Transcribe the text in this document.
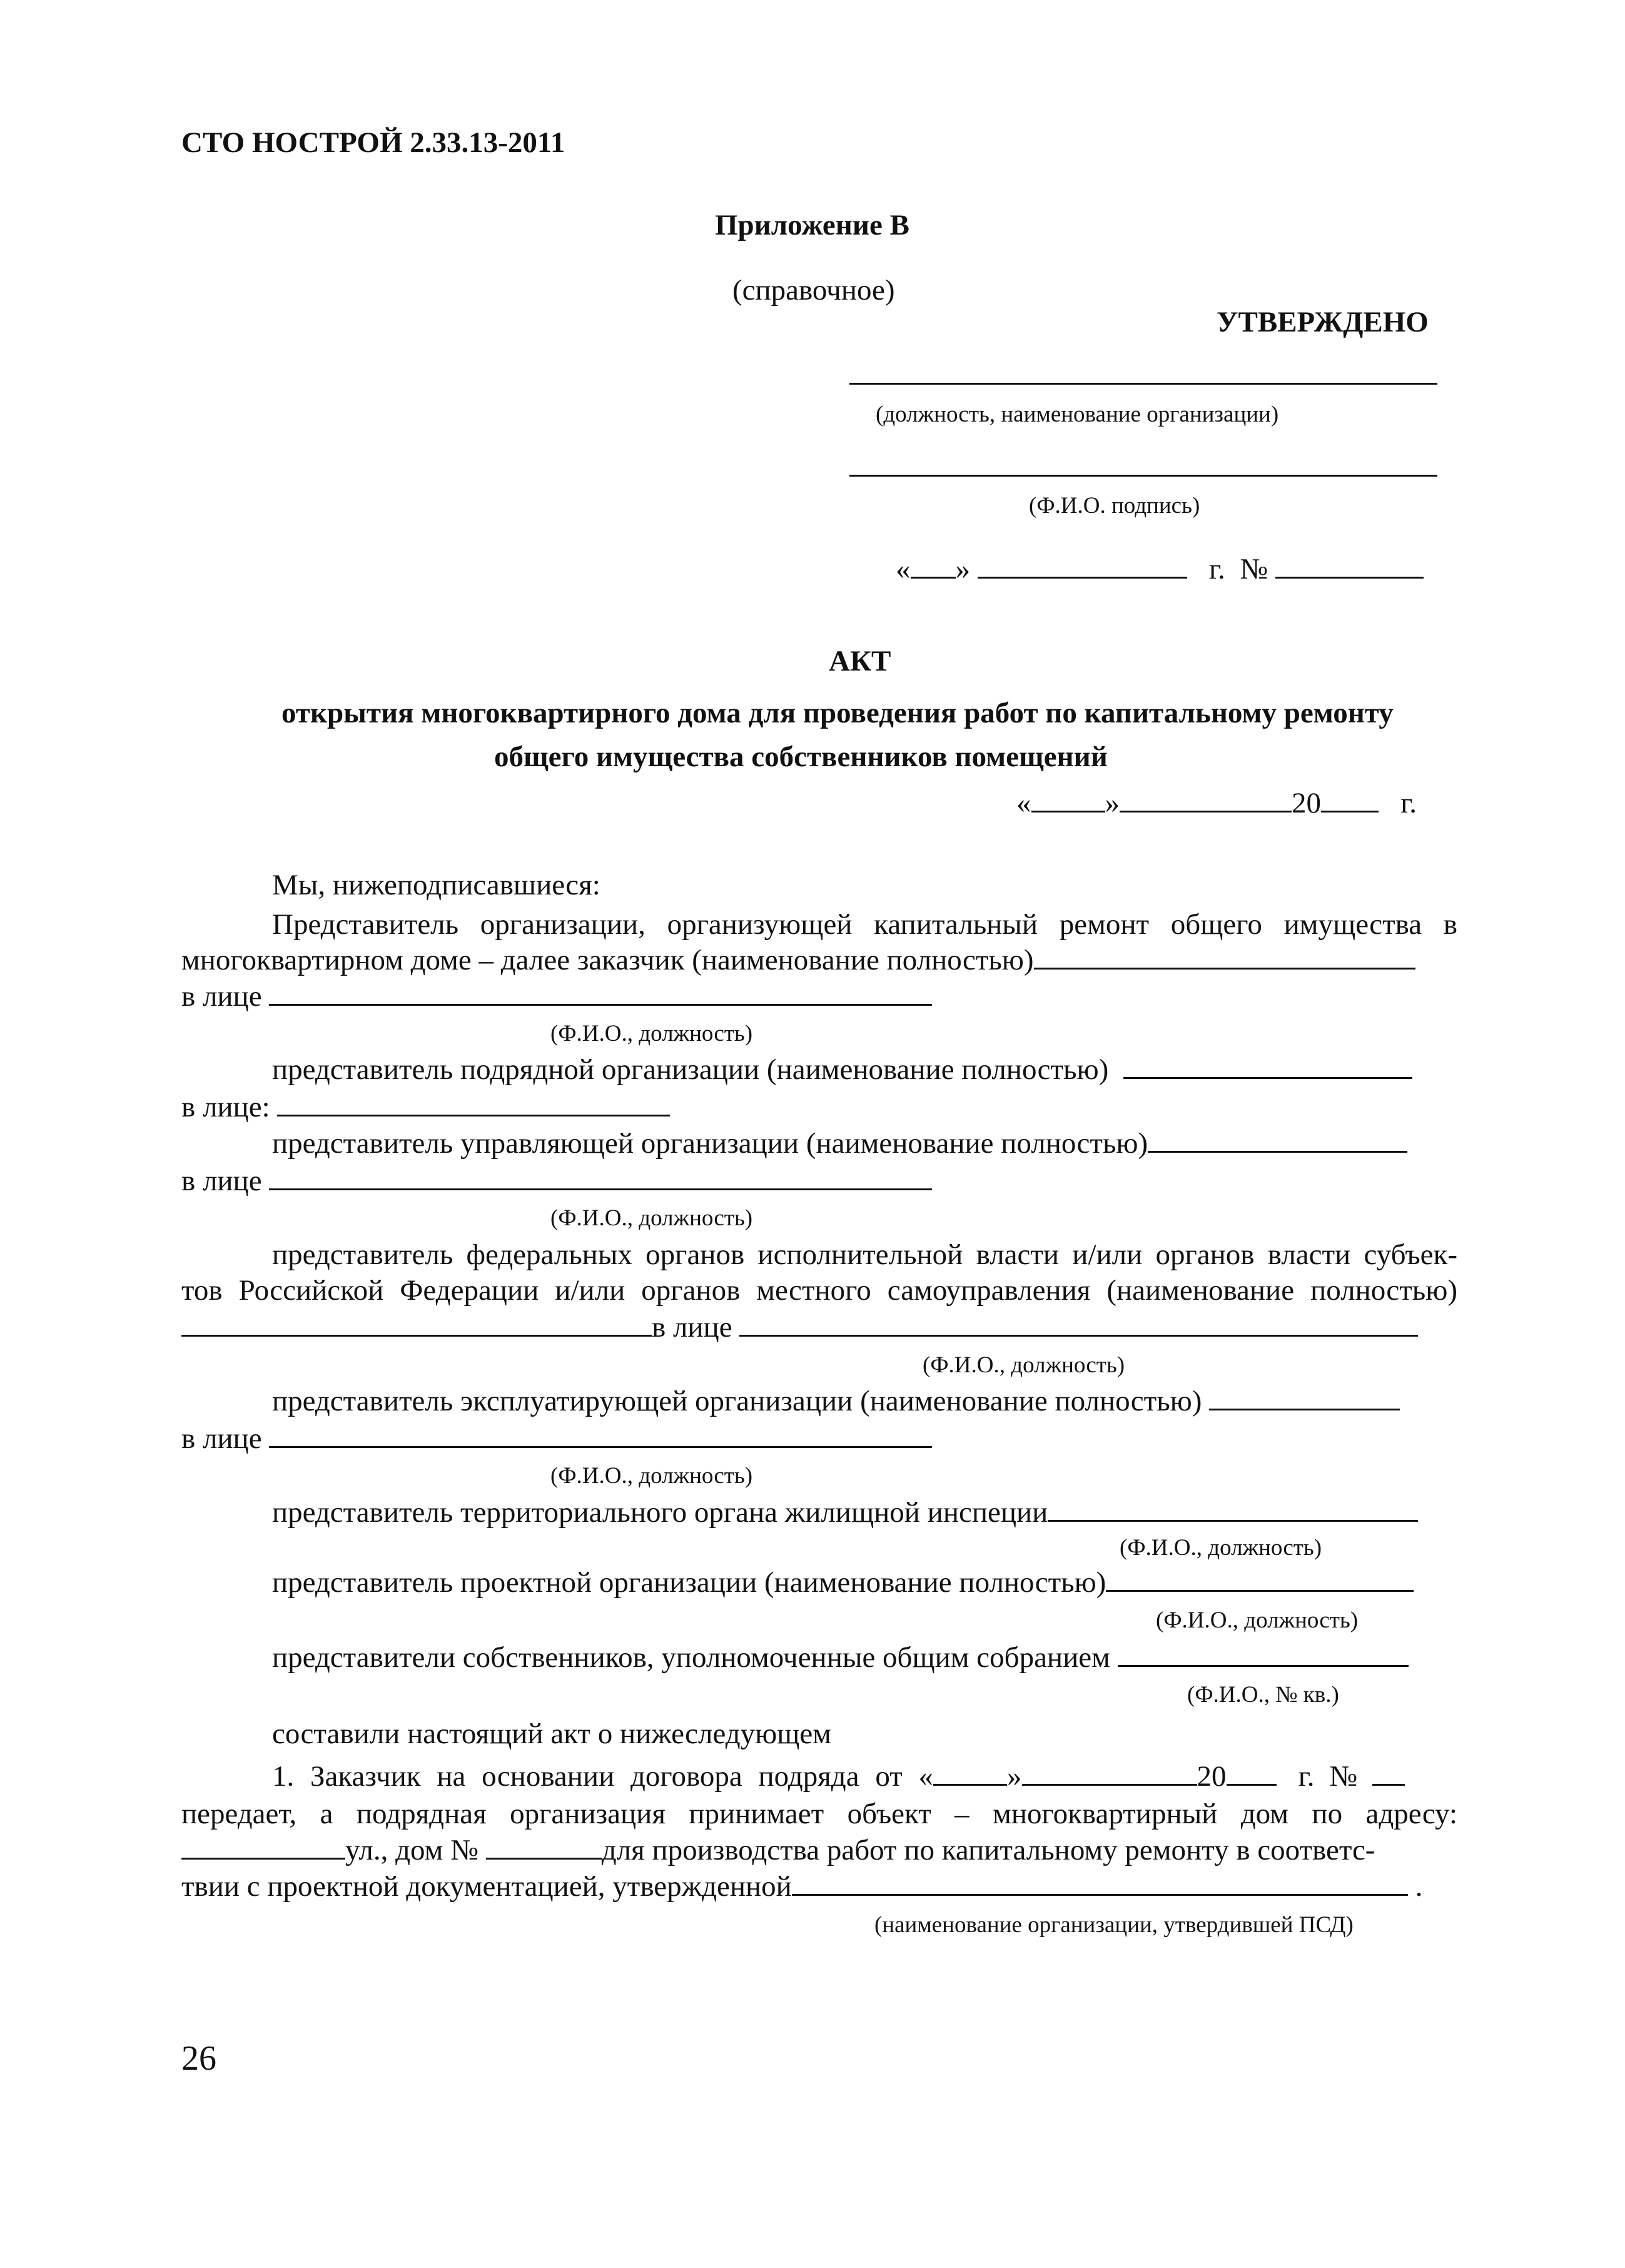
СТО НОСТРОЙ 2.33.13-2011
Приложение В
(справочное)
УТВЕРЖДЕНО
(должность, наименование организации)
(Ф.И.О. подпись)
« »	г. №
АКТ
открытия многоквартирного дома для проведения работ по капитальному ремонту
общего имущества собственников помещений
«	»	20	г.
Мы, нижеподписавшиеся:
Представитель организации, организующей капитальный ремонт общего имущества в
многоквартирном доме – далее заказчик (наименование полностью)
в лице
(Ф.И.О., должность)
представитель подрядной организации (наименование полностью)
в лице:
представитель управляющей организации (наименование полностью)
в лице
(Ф.И.О., должность)
представитель федеральных органов исполнительной власти и/или органов власти субъек-
тов Российской Федерации и/или органов местного самоуправления (наименование полностью)
в лице
(Ф.И.О., должность)
представитель эксплуатирующей организации (наименование полностью)
в лице
(Ф.И.О., должность)
представитель территориального органа жилищной инспеции
(Ф.И.О., должность)
представитель проектной организации (наименование полностью)
(Ф.И.О., должность)
представители собственников, уполномоченные общим собранием
(Ф.И.О., № кв.)
составили настоящий акт о нижеследующем
1. Заказчик на основании договора подряда от «	»	20 г. №
передает, а подрядная организация принимает объект – многоквартирный дом по адресу:
ул., дом №	для производства работ по капитальному ремонту в соответс-
твии с проектной документацией, утвержденной	.
(наименование организации, утвердившей ПСД)
26
